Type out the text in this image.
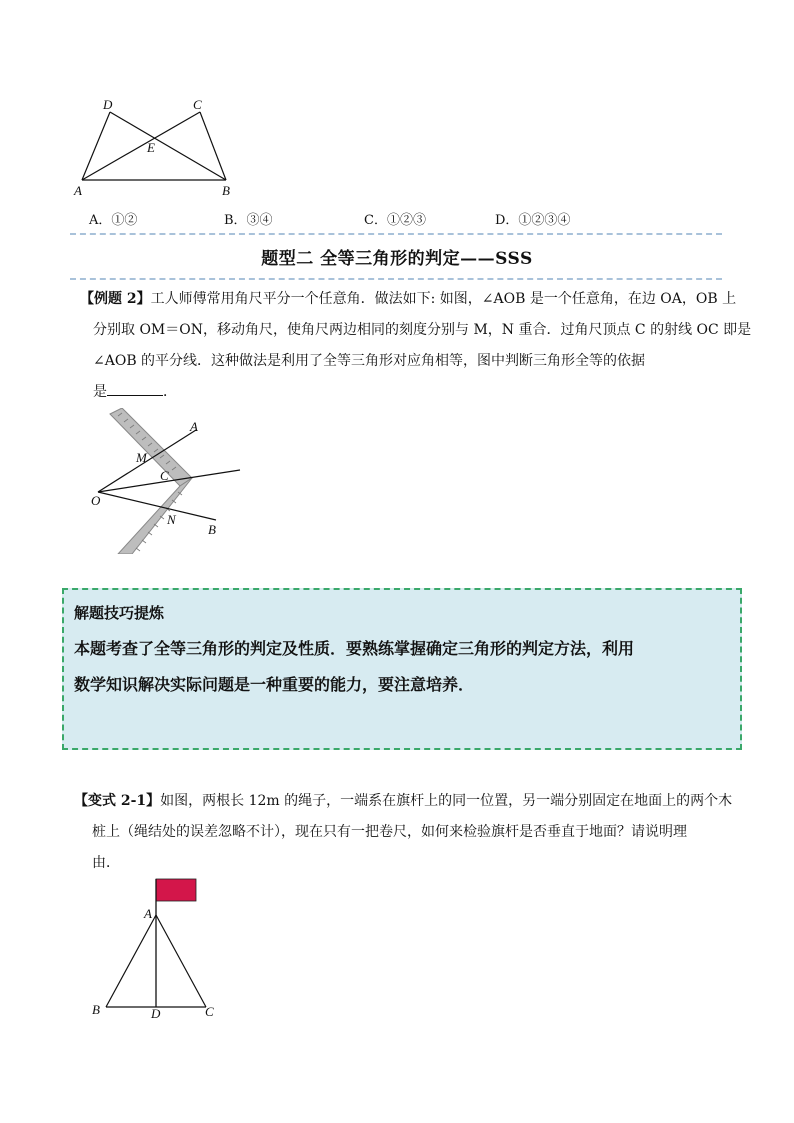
D	C
E
A	B
A．①②	B．③④	C．①②③	D．①②③④
题型二 全等三角形的判定——SSS
【例题 2】工人师傅常用角尺平分一个任意角．做法如下: 如图，∠AOB 是一个任意角，在边 OA，OB 上
分别取 OM＝ON，移动角尺，使角尺两边相同的刻度分别与 M，N 重合．过角尺顶点 C 的射线 OC 即是
∠AOB 的平分线．这种做法是利用了全等三角形对应角相等，图中判断三角形全等的依据
是	．
A
M
C
O
N
B
解题技巧提炼
本题考查了全等三角形的判定及性质．要熟练掌握确定三角形的判定方法，利用
数学知识解决实际问题是一种重要的能力，要注意培养．
【变式 2-1】如图，两根长 12m 的绳子，一端系在旗杆上的同一位置，另一端分别固定在地面上的两个木
桩上（绳结处的误差忽略不计），现在只有一把卷尺，如何来检验旗杆是否垂直于地面？请说明理
由．
A
B	D	C
